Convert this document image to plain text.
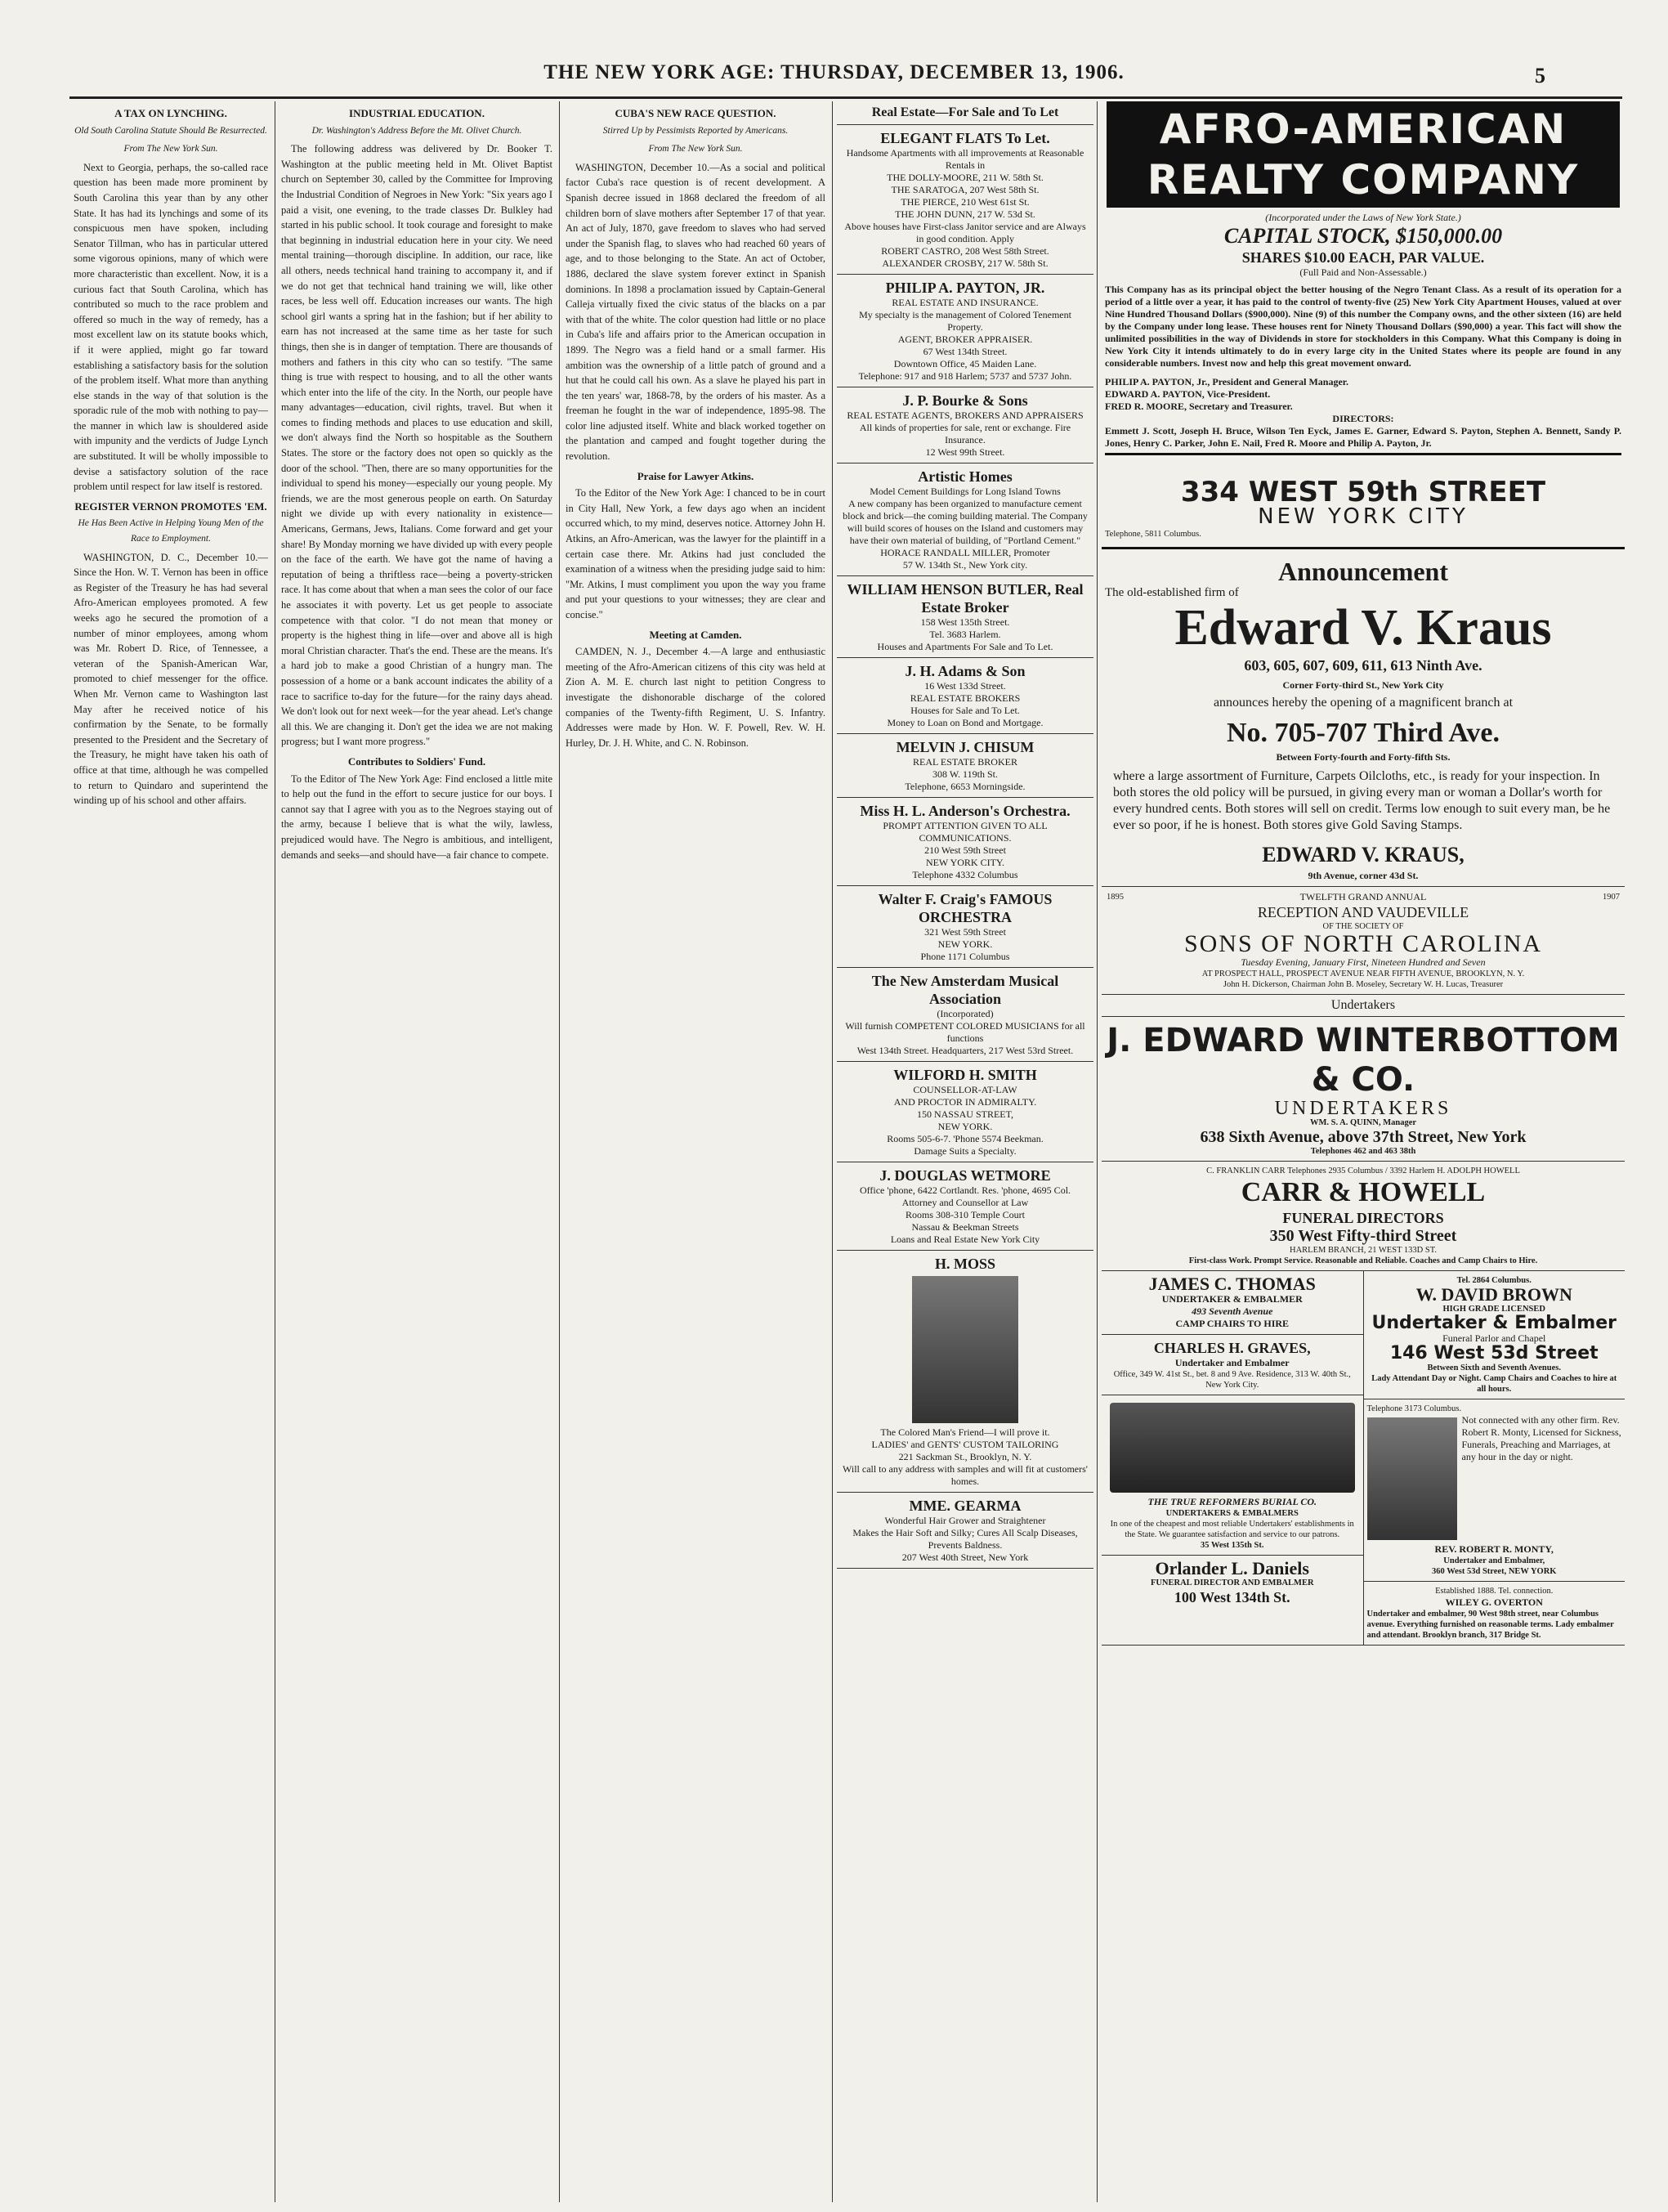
THE NEW YORK AGE: THURSDAY, DECEMBER 13, 1906.	5

A TAX ON LYNCHING.

Old South Carolina Statute Should Be Resurrected.

From The New York Sun.

Next to Georgia, perhaps, the so-called race question has been made more prominent by South Carolina this year than by any other State. It has had its lynchings and some of its conspicuous men have spoken, including Senator Tillman, who has in particular uttered some vigorous opinions, many of which were more characteristic than excellent. Now, it is a curious fact that South Carolina, which has contributed so much to the race problem and offered so much in the way of remedy, has a most excellent law on its statute books which, if it were applied, might go far toward establishing a satisfactory basis for the solution of the problem itself. What more than anything else stands in the way of that solution is the sporadic rule of the mob with nothing to pay—the manner in which law is shouldered aside with impunity and the verdicts of Judge Lynch are substituted. It will be wholly impossible to devise a satisfactory solution of the race problem until respect for law itself is restored.

REGISTER VERNON PROMOTES 'EM.

He Has Been Active in Helping Young Men of the Race to Employment.

WASHINGTON, D. C., December 10.—Since the Hon. W. T. Vernon has been in office as Register of the Treasury he has had several Afro-American employees promoted. A few weeks ago he secured the promotion of a number of minor employees, among whom was Mr. Robert D. Rice, of Tennessee, a veteran of the Spanish-American War, promoted to chief messenger for the office. When Mr. Vernon came to Washington last May after he received notice of his confirmation by the Senate, to be formally presented to the President and the Secretary of the Treasury, he might have taken his oath of office at that time, although he was compelled to return to Quindaro and superintend the winding up of his school and other affairs.

INDUSTRIAL EDUCATION.

Dr. Washington's Address Before the Mt. Olivet Church.

The following address was delivered by Dr. Booker T. Washington at the public meeting held in Mt. Olivet Baptist church on September 30, called by the Committee for Improving the Industrial Condition of Negroes in New York: "Six years ago I paid a visit, one evening, to the trade classes Dr. Bulkley had started in his public school. It took courage and foresight to make that beginning in industrial education here in your city. We need mental training—thorough discipline. In addition, our race, like all others, needs technical hand training to accompany it, and if we do not get that technical hand training we will, like other races, be less well off. Education increases our wants. The high school girl wants a spring hat in the fashion; but if her ability to earn has not increased at the same time as her taste for such things, then she is in danger of temptation. There are thousands of mothers and fathers in this city who can so testify. "The same thing is true with respect to housing, and to all the other wants which enter into the life of the city. In the North, our people have many advantages—education, civil rights, travel. But when it comes to finding methods and places to use education and skill, we don't always find the North so hospitable as the Southern States. The store or the factory does not open so quickly as the door of the school. "Then, there are so many opportunities for the individual to spend his money—especially our young people. My friends, we are the most generous people on earth. On Saturday night we divide up with every nationality in existence—Americans, Germans, Jews, Italians. Come forward and get your share! By Monday morning we have divided up with every people on the face of the earth. We have got the name of having a reputation of being a thriftless race—being a poverty-stricken race. It has come about that when a man sees the color of our face he associates it with poverty. Let us get people to associate competence with that color. "I do not mean that money or property is the highest thing in life—over and above all is high moral Christian character. That's the end. These are the means. It's a hard job to make a good Christian of a hungry man. The possession of a home or a bank account indicates the ability of a race to sacrifice to-day for the future—for the rainy days ahead. We don't look out for next week—for the year ahead. Let's change all this. We are changing it. Don't get the idea we are not making progress; but I want more progress."

Contributes to Soldiers' Fund.

To the Editor of The New York Age: Find enclosed a little mite to help out the fund in the effort to secure justice for our boys. I cannot say that I agree with you as to the Negroes staying out of the army, because I believe that is what the wily, lawless, prejudiced would have. The Negro is ambitious, and intelligent, demands and seeks—and should have—a fair chance to compete.

CUBA'S NEW RACE QUESTION.

Stirred Up by Pessimists Reported by Americans.

From The New York Sun.

WASHINGTON, December 10.—As a social and political factor Cuba's race question is of recent development. A Spanish decree issued in 1868 declared the freedom of all children born of slave mothers after September 17 of that year. An act of July, 1870, gave freedom to slaves who had served under the Spanish flag, to slaves who had reached 60 years of age, and to those belonging to the State. An act of October, 1886, declared the slave system forever extinct in Spanish dominions. In 1898 a proclamation issued by Captain-General Calleja virtually fixed the civic status of the blacks on a par with that of the white. The color question had little or no place in Cuba's life and affairs prior to the American occupation in 1899. The Negro was a field hand or a small farmer. His ambition was the ownership of a little patch of ground and a hut that he could call his own. As a slave he played his part in the ten years' war, 1868-78, by the orders of his master. As a freeman he fought in the war of independence, 1895-98. The color line adjusted itself. White and black worked together on the plantation and camped and fought together during the revolution.

Praise for Lawyer Atkins.

To the Editor of the New York Age: I chanced to be in court in City Hall, New York, a few days ago when an incident occurred which, to my mind, deserves notice. Attorney John H. Atkins, an Afro-American, was the lawyer for the plaintiff in a certain case there. Mr. Atkins had just concluded the examination of a witness when the presiding judge said to him: "Mr. Atkins, I must compliment you upon the way you frame and put your questions to your witnesses; they are clear and concise."

Meeting at Camden.

CAMDEN, N. J., December 4.—A large and enthusiastic meeting of the Afro-American citizens of this city was held at Zion A. M. E. church last night to petition Congress to investigate the dishonorable discharge of the colored companies of the Twenty-fifth Regiment, U. S. Infantry. Addresses were made by Hon. W. F. Powell, Rev. W. H. Hurley, Dr. J. H. White, and C. N. Robinson.

Real Estate—For Sale and To Let
ELEGANT FLATS To Let.
Handsome Apartments with all improvements at Reasonable Rentals in
THE DOLLY-MOORE, 211 W. 58th St.
THE SARATOGA, 207 West 58th St.
THE PIERCE, 210 West 61st St.
THE JOHN DUNN, 217 W. 53d St.
Above houses have First-class Janitor service and are Always in good condition. Apply
ROBERT CASTRO, 208 West 58th Street.
ALEXANDER CROSBY, 217 W. 58th St.
PHILIP A. PAYTON, JR.
REAL ESTATE AND INSURANCE.
My specialty is the management of Colored Tenement Property.
AGENT, BROKER APPRAISER.
67 West 134th Street.
Downtown Office, 45 Maiden Lane.
Telephone: 917 and 918 Harlem; 5737 and 5737 John.
J. P. Bourke & Sons
REAL ESTATE AGENTS, BROKERS AND APPRAISERS
All kinds of properties for sale, rent or exchange. Fire Insurance.
12 West 99th Street.
Artistic Homes
Model Cement Buildings for Long Island Towns
A new company has been organized to manufacture cement block and brick—the coming building material. The Company will build scores of houses on the Island and customers may have their own material of building, of "Portland Cement."
HORACE RANDALL MILLER, Promoter
57 W. 134th St., New York city.
WILLIAM HENSON BUTLER, Real Estate Broker
158 West 135th Street.
Tel. 3683 Harlem.
Houses and Apartments For Sale and To Let.
J. H. Adams & Son
16 West 133d Street.
REAL ESTATE BROKERS
Houses for Sale and To Let.
Money to Loan on Bond and Mortgage.
MELVIN J. CHISUM
REAL ESTATE BROKER
308 W. 119th St.
Telephone, 6653 Morningside.
Miss H. L. Anderson's Orchestra.
PROMPT ATTENTION GIVEN TO ALL COMMUNICATIONS.
210 West 59th Street
NEW YORK CITY.
Telephone 4332 Columbus
Walter F. Craig's FAMOUS ORCHESTRA
321 West 59th Street
NEW YORK.
Phone 1171 Columbus
The New Amsterdam Musical Association
(Incorporated)
Will furnish COMPETENT COLORED MUSICIANS for all functions
West 134th Street. Headquarters, 217 West 53rd Street.
WILFORD H. SMITH
COUNSELLOR-AT-LAW
AND PROCTOR IN ADMIRALTY.
150 NASSAU STREET,
NEW YORK.
Rooms 505-6-7. 'Phone 5574 Beekman.
Damage Suits a Specialty.
J. DOUGLAS WETMORE
Office 'phone, 6422 Cortlandt. Res. 'phone, 4695 Col.
Attorney and Counsellor at Law
Rooms 308-310 Temple Court
Nassau & Beekman Streets
Loans and Real Estate New York City
H. MOSS
The Colored Man's Friend—I will prove it.
LADIES' and GENTS' CUSTOM TAILORING
221 Sackman St., Brooklyn, N. Y.
Will call to any address with samples and will fit at customers' homes.
MME. GEARMA
Wonderful Hair Grower and Straightener
Makes the Hair Soft and Silky; Cures All Scalp Diseases, Prevents Baldness.
207 West 40th Street, New York
AFRO-AMERICAN REALTY COMPANY
(Incorporated under the Laws of New York State.)
CAPITAL STOCK, $150,000.00
SHARES $10.00 EACH, PAR VALUE.
(Full Paid and Non-Assessable.)
This Company has as its principal object the better housing of the Negro Tenant Class. As a result of its operation for a period of a little over a year, it has paid to the control of twenty-five (25) New York City Apartment Houses, valued at over Nine Hundred Thousand Dollars ($900,000). Nine (9) of this number the Company owns, and the other sixteen (16) are held by the Company under long lease. These houses rent for Ninety Thousand Dollars ($90,000) a year. This fact will show the unlimited possibilities in the way of Dividends in store for stockholders in this Company. What this Company is doing in New York City it intends ultimately to do in every large city in the United States where its people are found in any considerable numbers. Invest now and help this great movement onward.
PHILIP A. PAYTON, Jr., President and General Manager.
EDWARD A. PAYTON, Vice-President.
FRED R. MOORE, Secretary and Treasurer.
DIRECTORS:
Emmett J. Scott, Joseph H. Bruce, Wilson Ten Eyck, James E. Garner, Edward S. Payton, Stephen A. Bennett, Sandy P. Jones, Henry C. Parker, John E. Nail, Fred R. Moore and Philip A. Payton, Jr.
334 WEST 59th STREET
NEW YORK CITY
Telephone, 5811 Columbus.
Announcement
The old-established firm of
Edward V. Kraus
603, 605, 607, 609, 611, 613 Ninth Ave.
Corner Forty-third St., New York City
announces hereby the opening of a magnificent branch at
No. 705-707 Third Ave.
Between Forty-fourth and Forty-fifth Sts.
where a large assortment of Furniture, Carpets Oilcloths, etc., is ready for your inspection. In both stores the old policy will be pursued, in giving every man or woman a Dollar's worth for every hundred cents. Both stores will sell on credit. Terms low enough to suit every man, be he ever so poor, if he is honest. Both stores give Gold Saving Stamps.
EDWARD V. KRAUS,
9th Avenue, corner 43d St.
1895	1907
TWELFTH GRAND ANNUAL
RECEPTION AND VAUDEVILLE
OF THE SOCIETY OF
SONS OF NORTH CAROLINA
Tuesday Evening, January First, Nineteen Hundred and Seven
AT PROSPECT HALL, PROSPECT AVENUE NEAR FIFTH AVENUE, BROOKLYN, N. Y.
John H. Dickerson, Chairman John B. Moseley, Secretary W. H. Lucas, Treasurer
Undertakers
J. EDWARD WINTERBOTTOM & CO.
UNDERTAKERS
WM. S. A. QUINN, Manager
638 Sixth Avenue, above 37th Street, New York
Telephones 462 and 463 38th
C. FRANKLIN CARR Telephones 2935 Columbus / 3392 Harlem H. ADOLPH HOWELL
CARR & HOWELL
FUNERAL DIRECTORS
350 West Fifty-third Street
HARLEM BRANCH, 21 WEST 133D ST.
First-class Work. Prompt Service. Reasonable and Reliable. Coaches and Camp Chairs to Hire.
JAMES C. THOMAS
UNDERTAKER & EMBALMER
493 Seventh Avenue
CAMP CHAIRS TO HIRE
CHARLES H. GRAVES,
Undertaker and Embalmer
Office, 349 W. 41st St., bet. 8 and 9 Ave. Residence, 313 W. 40th St., New York City.
THE TRUE REFORMERS BURIAL CO.
UNDERTAKERS & EMBALMERS
In one of the cheapest and most reliable Undertakers' establishments in the State. We guarantee satisfaction and service to our patrons.
35 West 135th St.
Orlander L. Daniels
FUNERAL DIRECTOR AND EMBALMER
100 West 134th St.
Tel. 2864 Columbus.
W. DAVID BROWN
HIGH GRADE LICENSED
Undertaker & Embalmer
Funeral Parlor and Chapel
146 West 53d Street
Between Sixth and Seventh Avenues.
Lady Attendant Day or Night. Camp Chairs and Coaches to hire at all hours.
Telephone 3173 Columbus.
Not connected with any other firm. Rev. Robert R. Monty, Licensed for Sickness, Funerals, Preaching and Marriages, at any hour in the day or night.
REV. ROBERT R. MONTY,
Undertaker and Embalmer,
360 West 53d Street, NEW YORK
Established 1888. Tel. connection.
WILEY G. OVERTON
Undertaker and embalmer, 90 West 98th street, near Columbus avenue. Everything furnished on reasonable terms. Lady embalmer and attendant. Brooklyn branch, 317 Bridge St.
